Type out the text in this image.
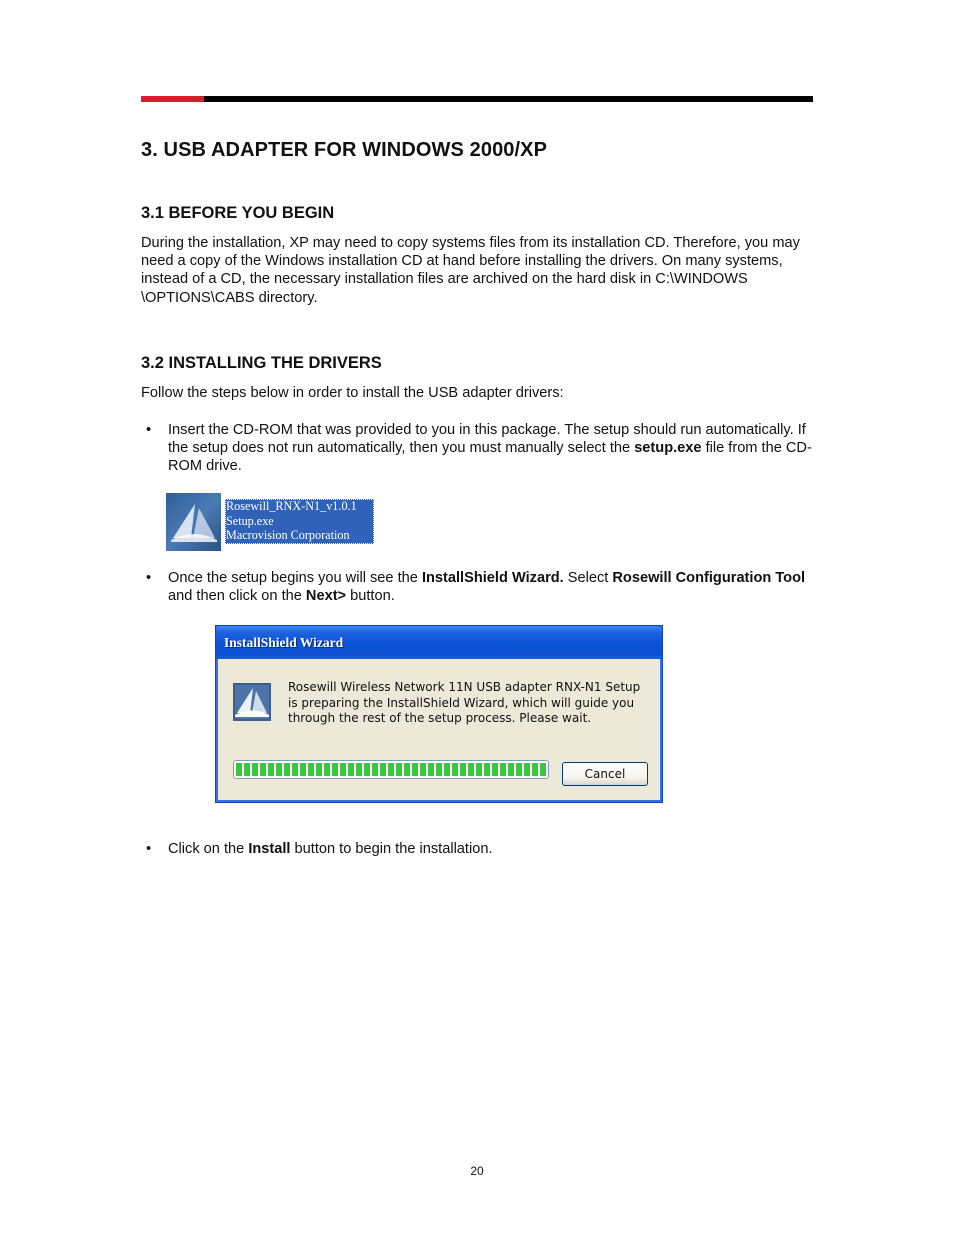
3. USB ADAPTER FOR WINDOWS 2000/XP
3.1 BEFORE YOU BEGIN

During the installation, XP may need to copy systems files from its installation CD. Therefore, you may need a copy of the Windows installation CD at hand before installing the drivers. On many systems, instead of a CD, the necessary installation files are archived on the hard disk in C:\WINDOWS \OPTIONS\CABS directory.

3.2 INSTALLING THE DRIVERS

Follow the steps below in order to install the USB adapter drivers:

• Insert the CD-ROM that was provided to you in this package. The setup should run automatically. If the setup does not run automatically, then you must manually select the setup.exe file from the CD-ROM drive.
Rosewill_RNX-N1_v1.0.1
Setup.exe
Macrovision Corporation
• Once the setup begins you will see the InstallShield Wizard. Select Rosewill Configuration Tool and then click on the Next> button.
InstallShield Wizard
Rosewill Wireless Network 11N USB adapter RNX-N1 Setup is preparing the InstallShield Wizard, which will guide you through the rest of the setup process. Please wait.
Cancel
• Click on the Install button to begin the installation.
20
